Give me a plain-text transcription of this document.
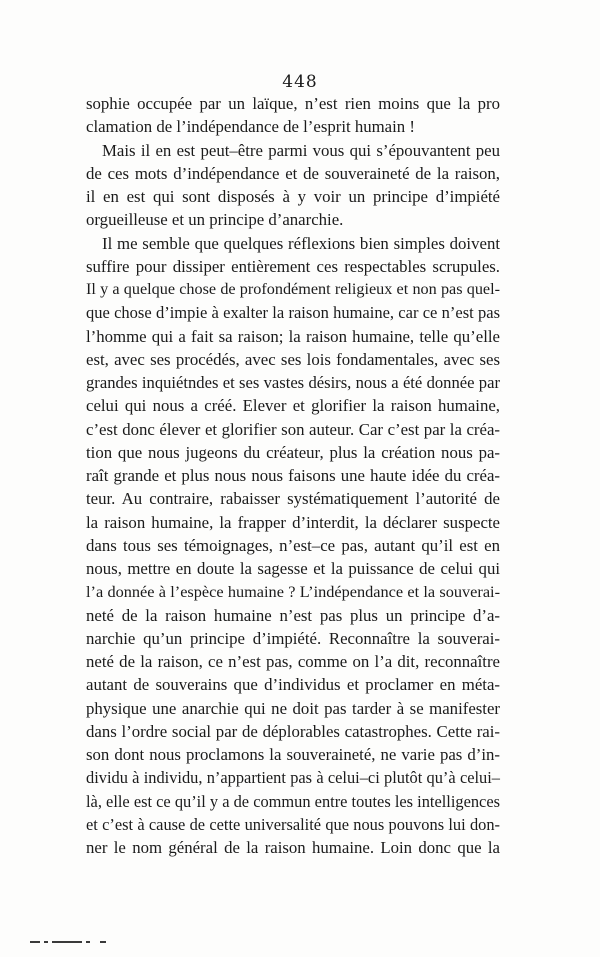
448
sophie occupée par un laïque, n’est rien moins que la pro
clamation de l’indépendance de l’esprit humain !
Mais il en est peut–être parmi vous qui s’épouvantent peu
de ces mots d’indépendance et de souveraineté de la raison,
il en est qui sont disposés à y voir un principe d’impiété
orgueilleuse et un principe d’anarchie.
Il me semble que quelques réflexions bien simples doivent
suffire pour dissiper entièrement ces respectables scrupules.
Il y a quelque chose de profondément religieux et non pas quel-
que chose d’impie à exalter la raison humaine, car ce n’est pas
l’homme qui a fait sa raison; la raison humaine, telle qu’elle
est, avec ses procédés, avec ses lois fondamentales, avec ses
grandes inquiétndes et ses vastes désirs, nous a été donnée par
celui qui nous a créé. Elever et glorifier la raison humaine,
c’est donc élever et glorifier son auteur. Car c’est par la créa-
tion que nous jugeons du créateur, plus la création nous pa-
raît grande et plus nous nous faisons une haute idée du créa-
teur. Au contraire, rabaisser systématiquement l’autorité de
la raison humaine, la frapper d’interdit, la déclarer suspecte
dans tous ses témoignages, n’est–ce pas, autant qu’il est en
nous, mettre en doute la sagesse et la puissance de celui qui
l’a donnée à l’espèce humaine ? L’indépendance et la souverai-
neté de la raison humaine n’est pas plus un principe d’a-
narchie qu’un principe d’impiété. Reconnaître la souverai-
neté de la raison, ce n’est pas, comme on l’a dit, reconnaître
autant de souverains que d’individus et proclamer en méta-
physique une anarchie qui ne doit pas tarder à se manifester
dans l’ordre social par de déplorables catastrophes. Cette rai-
son dont nous proclamons la souveraineté, ne varie pas d’in-
dividu à individu, n’appartient pas à celui–ci plutôt qu’à celui–
là, elle est ce qu’il y a de commun entre toutes les intelligences
et c’est à cause de cette universalité que nous pouvons lui don-
ner le nom général de la raison humaine. Loin donc que la
